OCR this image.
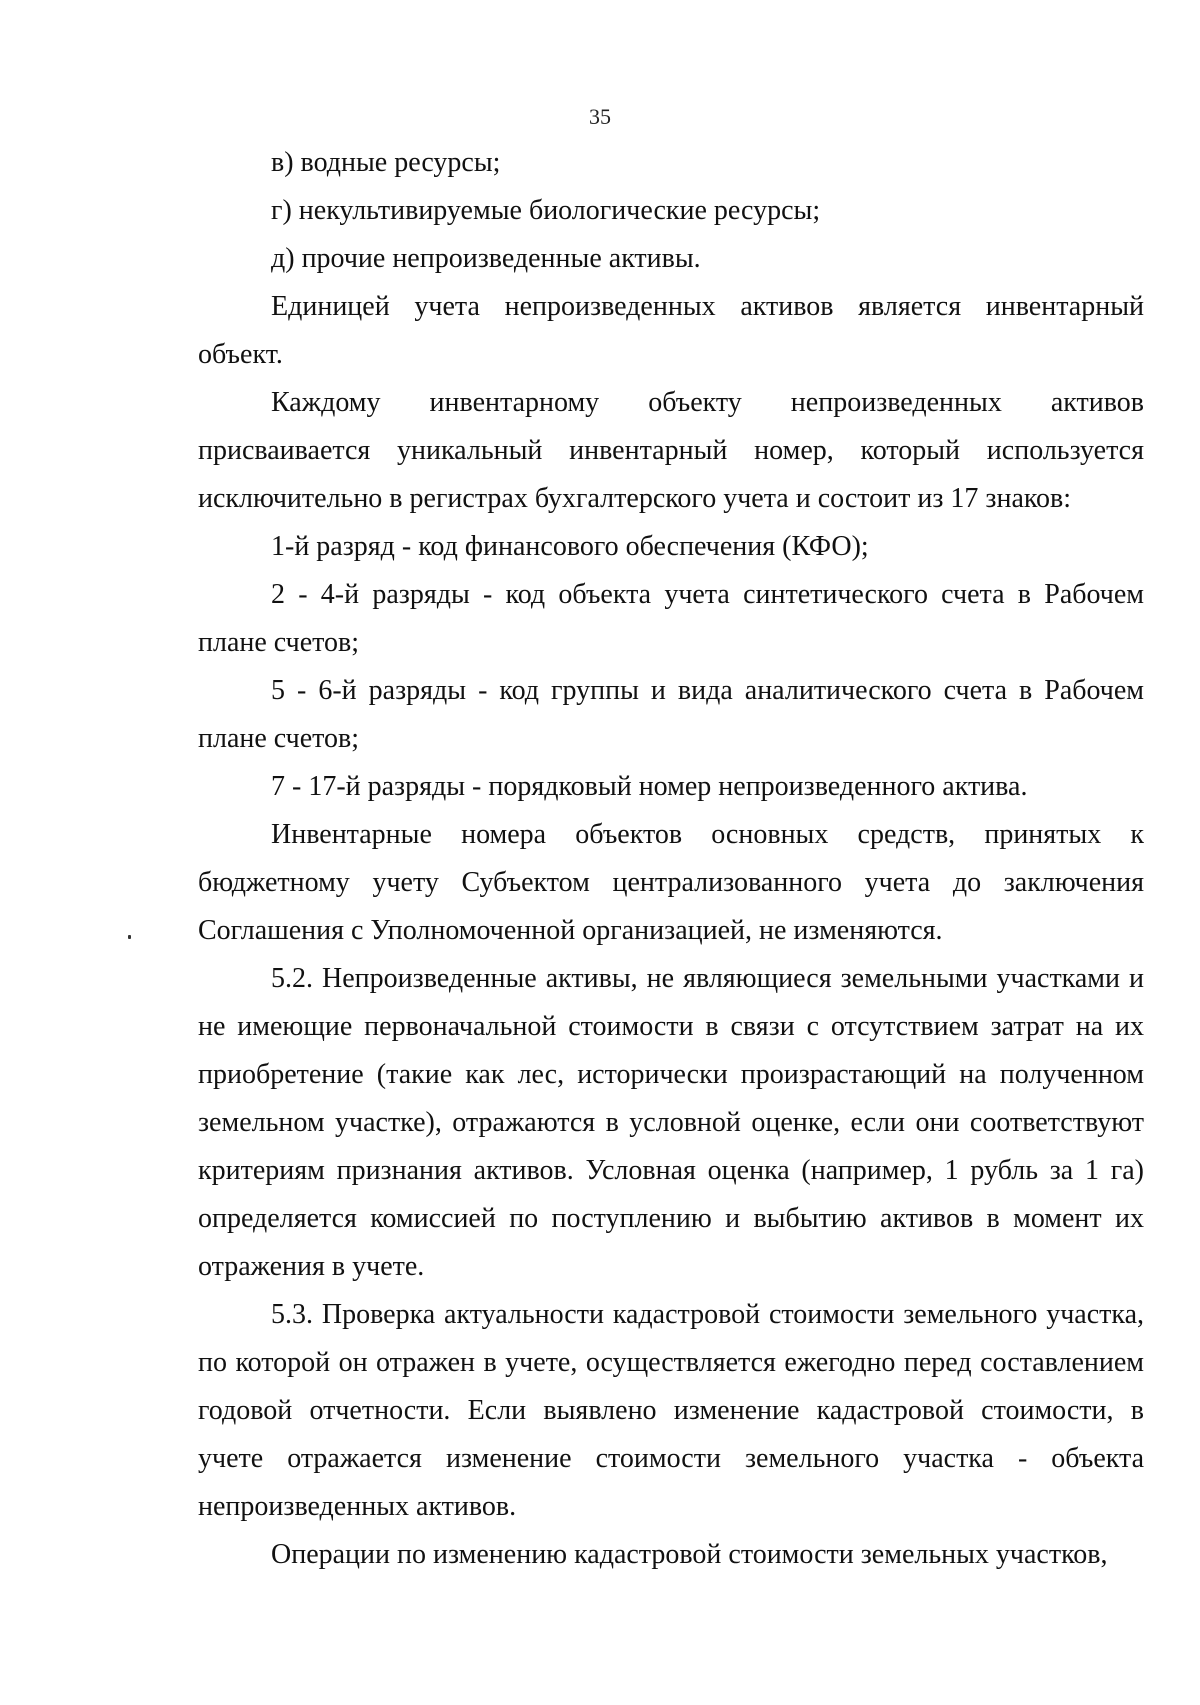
35

в) водные ресурсы;

г) некультивируемые биологические ресурсы;

д) прочие непроизведенные активы.

Единицей учета непроизведенных активов является инвентарный объект.

Каждому инвентарному объекту непроизведенных активов присваивается уникальный инвентарный номер, который используется исключительно в регистрах бухгалтерского учета и состоит из 17 знаков:

1-й разряд - код финансового обеспечения (КФО);

2 - 4-й разряды - код объекта учета синтетического счета в Рабочем плане счетов;

5 - 6-й разряды - код группы и вида аналитического счета в Рабочем плане счетов;

7 - 17-й разряды - порядковый номер непроизведенного актива.

Инвентарные номера объектов основных средств, принятых к бюджетному учету Субъектом централизованного учета до заключения Соглашения с Уполномоченной организацией, не изменяются.

5.2. Непроизведенные активы, не являющиеся земельными участками и не имеющие первоначальной стоимости в связи с отсутствием затрат на их приобретение (такие как лес, исторически произрастающий на полученном земельном участке), отражаются в условной оценке, если они соответствуют критериям признания активов. Условная оценка (например, 1 рубль за 1 га) определяется комиссией по поступлению и выбытию активов в момент их отражения в учете.

5.3. Проверка актуальности кадастровой стоимости земельного участка, по которой он отражен в учете, осуществляется ежегодно перед составлением годовой отчетности. Если выявлено изменение кадастровой стоимости, в учете отражается изменение стоимости земельного участка - объекта непроизведенных активов.

Операции по изменению кадастровой стоимости земельных участков,
